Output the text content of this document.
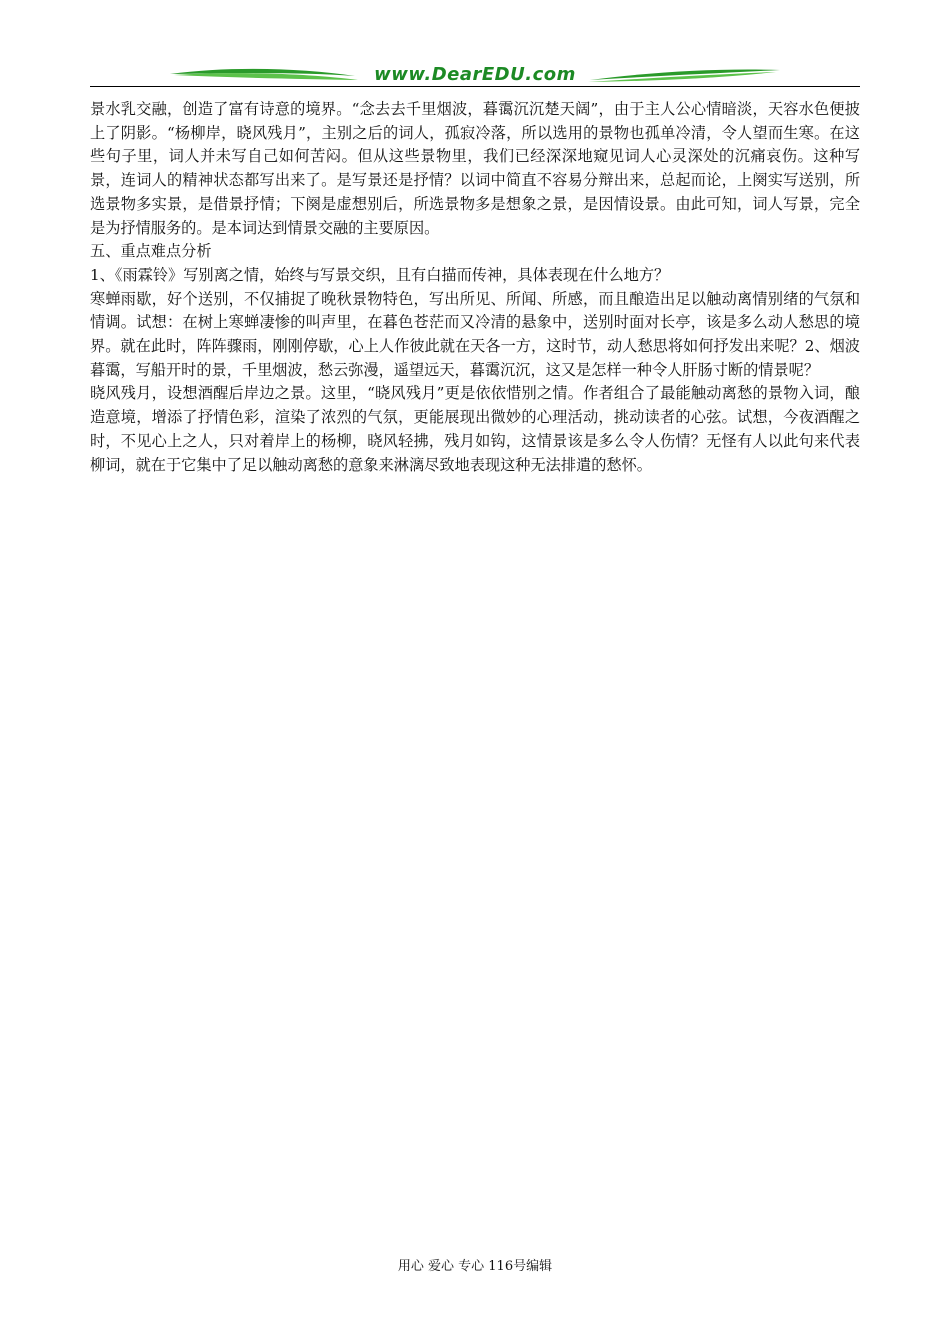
www.DearEDU.com

景水乳交融，创造了富有诗意的境界。“念去去千里烟波，暮霭沉沉楚天阔”，由于主人公心情暗淡，天容水色便披上了阴影。“杨柳岸，晓风残月”，主别之后的词人，孤寂冷落，所以选用的景物也孤单冷清，令人望而生寒。在这些句子里，词人并未写自己如何苦闷。但从这些景物里，我们已经深深地窥见词人心灵深处的沉痛哀伤。这种写景，连词人的精神状态都写出来了。是写景还是抒情？以词中简直不容易分辩出来，总起而论，上阕实写送别，所选景物多实景，是借景抒情；下阕是虚想别后，所选景物多是想象之景，是因情设景。由此可知，词人写景，完全是为抒情服务的。是本词达到情景交融的主要原因。

五、重点难点分析

1、《雨霖铃》写别离之情，始终与写景交织，且有白描而传神，具体表现在什么地方？

寒蝉雨歇，好个送别，不仅捕捉了晚秋景物特色，写出所见、所闻、所感，而且酿造出足以触动离情别绪的气氛和情调。试想：在树上寒蝉凄惨的叫声里，在暮色苍茫而又冷清的悬象中，送别时面对长亭，该是多么动人愁思的境界。就在此时，阵阵骤雨，刚刚停歇，心上人作彼此就在天各一方，这时节，动人愁思将如何抒发出来呢？2、烟波暮霭，写船开时的景，千里烟波，愁云弥漫，遥望远天，暮霭沉沉，这又是怎样一种令人肝肠寸断的情景呢？

晓风残月，设想酒醒后岸边之景。这里，“晓风残月”更是依依惜别之情。作者组合了最能触动离愁的景物入词，酿造意境，增添了抒情色彩，渲染了浓烈的气氛，更能展现出微妙的心理活动，挑动读者的心弦。试想，今夜酒醒之时，不见心上之人，只对着岸上的杨柳，晓风轻拂，残月如钩，这情景该是多么令人伤情？无怪有人以此句来代表柳词，就在于它集中了足以触动离愁的意象来淋漓尽致地表现这种无法排遣的愁怀。

用心 爱心 专心 116号编辑
